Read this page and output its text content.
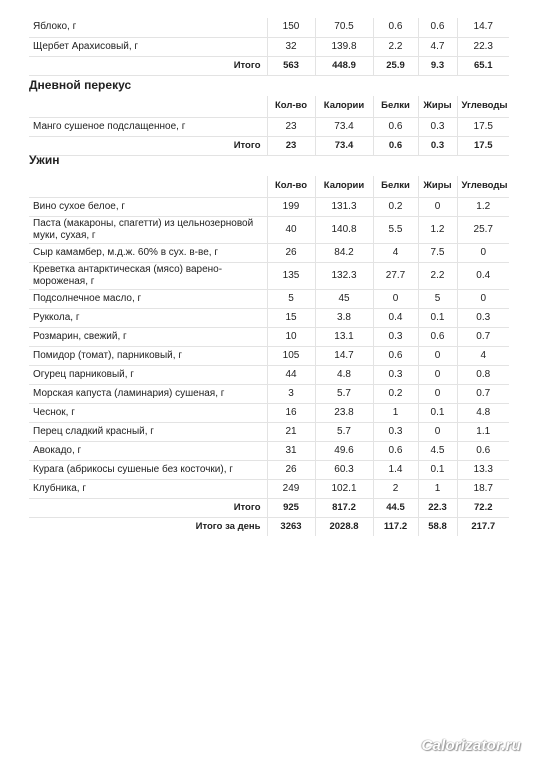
Яблоко, г	150	70.5	0.6	0.6	14.7
Щербет Арахисовый, г	32	139.8	2.2	4.7	22.3
Итого	563	448.9	25.9	9.3	65.1
Дневной перекус
	Кол-во	Калории	Белки	Жиры	Углеводы
Манго сушеное подслащенное, г	23	73.4	0.6	0.3	17.5
Итого	23	73.4	0.6	0.3	17.5
Ужин
	Кол-во	Калории	Белки	Жиры	Углеводы
Вино сухое белое, г	199	131.3	0.2	0	1.2
Паста (макароны, спагетти) из цельнозерновой муки, сухая, г	40	140.8	5.5	1.2	25.7
Сыр камамбер, м.д.ж. 60% в сух. в-ве, г	26	84.2	4	7.5	0
Креветка антарктическая (мясо) варено-мороженая, г	135	132.3	27.7	2.2	0.4
Подсолнечное масло, г	5	45	0	5	0
Руккола, г	15	3.8	0.4	0.1	0.3
Розмарин, свежий, г	10	13.1	0.3	0.6	0.7
Помидор (томат), парниковый, г	105	14.7	0.6	0	4
Огурец парниковый, г	44	4.8	0.3	0	0.8
Морская капуста (ламинария) сушеная, г	3	5.7	0.2	0	0.7
Чеснок, г	16	23.8	1	0.1	4.8
Перец сладкий красный, г	21	5.7	0.3	0	1.1
Авокадо, г	31	49.6	0.6	4.5	0.6
Курага (абрикосы сушеные без косточки), г	26	60.3	1.4	0.1	13.3
Клубника, г	249	102.1	2	1	18.7
Итого	925	817.2	44.5	22.3	72.2
Итого за день	3263	2028.8	117.2	58.8	217.7
Calorizator.ru
